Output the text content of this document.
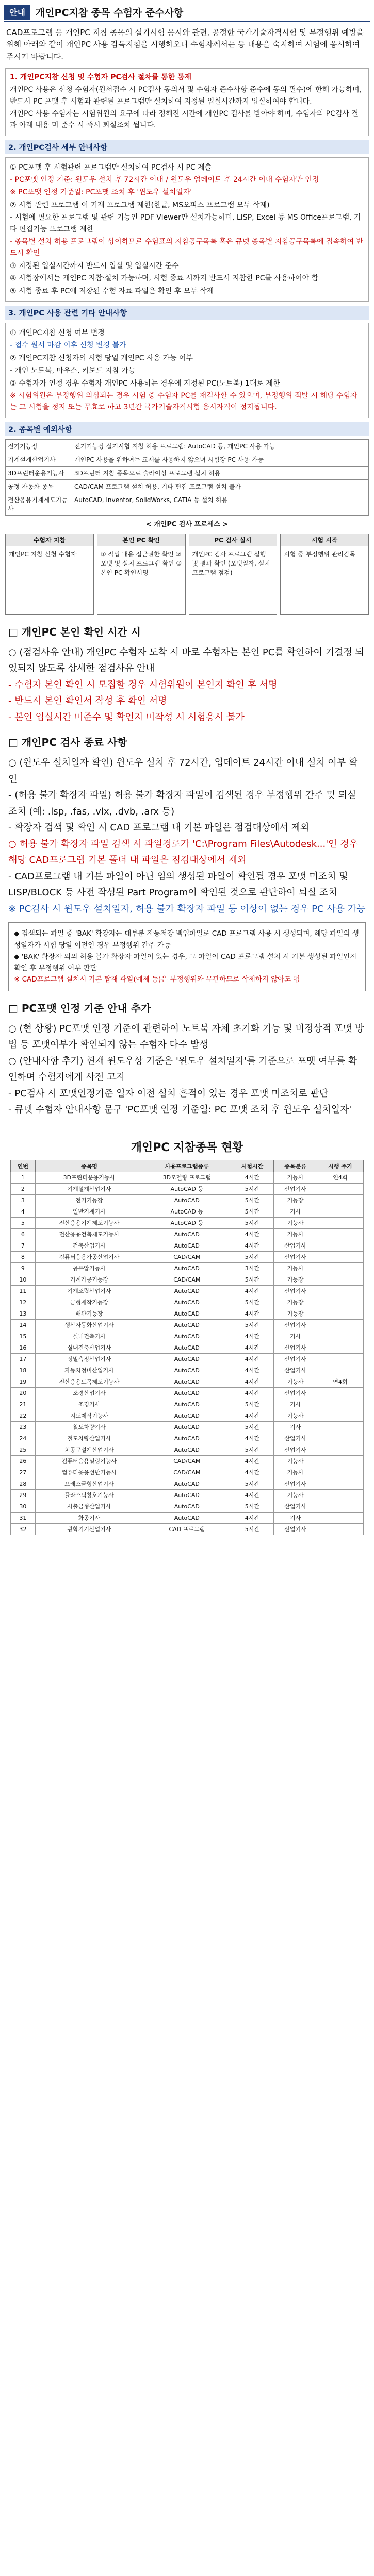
안내	개인PC지참 종목 수험자 준수사항
CAD프로그램 등 개인PC 지참 종목의 실기시험 응시와 관련, 공정한 국가기술자격시험 및 부정행위 예방을 위해 아래와 같이 개인PC 사용 감독지침을 시행하오니 수험자께서는 등 내용을 숙지하여 시험에 응시하여 주시기 바랍니다.
1. 개인PC지참 신청 및 수험자 PC검사 절차를 통한 통제
개인PC 사용은 신청 수험자(원서접수 시 PC검사 동의서 및 수험자 준수사항 준수에 동의 필수)에 한해 가능하며, 반드시 PC 포맷 후 시험과 관련된 프로그램만 설치하여 지정된 입실시간까지 입실하여야 합니다.
개인PC 사용 수험자는 시험위원의 요구에 따라 정해진 시간에 개인PC 검사를 받아야 하며, 수험자의 PC검사 결과 아래 내용 미 준수 시 즉시 퇴실조치 됩니다.
2. 개인PC검사 세부 안내사항
① PC포맷 후 시험관련 프로그램만 설치하여 PC검사 시 PC 제출
- PC포맷 인정 기준: 윈도우 설치 후 72시간 이내 / 윈도우 업데이트 후 24시간 이내 수험자만 인정
※ PC포맷 인정 기준일: PC포맷 조치 후 '윈도우 설치일자'
② 시험 관련 프로그램 이 기재 프로그램 제한(한글, MS오피스 프로그램 모두 삭제)
- 시험에 필요한 프로그램 및 관련 기능인 PDF Viewer만 설치가능하며, LISP, Excel 등 MS Office프로그램, 기타 편집기능 프로그램 제한
- 종목별 설치 허용 프로그램이 상이하므로 수험표의 지참공구목록 혹은 큐넷 종목별 지참공구목록에 접속하여 반드시 확인
③ 지정된 입실시간까지 반드시 입실 및 입실시간 준수
④ 시험장에서는 개인PC 지참·설치 가능하며, 시험 종료 시까지 반드시 지참한 PC를 사용하여야 함
⑤ 시험 종료 후 PC에 저장된 수험 자료 파일은 확인 후 모두 삭제
3. 개인PC 사용 관련 기타 안내사항
① 개인PC지참 신청 여부 변경
- 접수 원서 마감 이후 신청 변경 불가
② 개인PC지참 신청자의 시험 당일 개인PC 사용 가능 여부
- 개인 노트북, 마우스, 키보드 지참 가능
③ 수험자가 인정 경우 수험자 개인PC 사용하는 경우에 지정된 PC(노트북) 1대로 제한
※ 시험위원은 부정행위 의심되는 경우 시험 중 수험자 PC를 재검사할 수 있으며, 부정행위 적발 시 해당 수험자는 그 시험을 정지 또는 무효로 하고 3년간 국가기술자격시험 응시자격이 정지됩니다.
2. 종목별 예외사항
전기기능장	전기기능장 실기시험 지참 허용 프로그램: AutoCAD 등, 개인PC 사용 가능
기계설계산업기사	개인PC 사용을 위하여는 교재를 사용하지 않으며 시험장 PC 사용 가능
3D프린터운용기능사	3D프린터 지참 종목으로 슬라이싱 프로그램 설치 허용
공정 자동화 종목	CAD/CAM 프로그램 설치 허용, 기타 편집 프로그램 설치 불가
전산응용기계제도기능사	AutoCAD, Inventor, SolidWorks, CATIA 등 설치 허용
< 개인PC 검사 프로세스 >
수험자 지참
개인PC 지참 신청 수험자
본인 PC 확인
① 작업 내용 접근권한 확인 ② 포맷 및 설치 프로그램 확인 ③ 본인 PC 확인서명
PC 검사 실시
개인PC 검사 프로그램 실행 및 결과 확인 (포맷일자, 설치 프로그램 점검)
시험 시작
시험 중 부정행위 관리감독
□ 개인PC 본인 확인 시간 시
○ (점검사유 안내) 개인PC 수험자 도착 시 바로 수험자는 본인 PC를 확인하여 기결정 되었되지 않도록 상세한 점검사유 안내
- 수험자 본인 확인 시 모집할 경우 시험위원이 본인지 확인 후 서명
- 반드시 본인 확인서 작성 후 확인 서명
- 본인 입실시간 미준수 및 확인지 미작성 시 시험응시 불가
□ 개인PC 검사 종료 사항
○ (윈도우 설치일자 확인) 윈도우 설치 후 72시간, 업데이트 24시간 이내 설치 여부 확인
- (허용 불가 확장자 파일) 허용 불가 확장자 파일이 검색된 경우 부정행위 간주 및 퇴실 조치 (예: .lsp, .fas, .vlx, .dvb, .arx 등)
- 확장자 검색 및 확인 시 CAD 프로그램 내 기본 파일은 점검대상에서 제외
○ 허용 불가 확장자 파일 검색 시 파일경로가 'C:\Program Files\Autodesk...'인 경우 해당 CAD프로그램 기본 폴더 내 파일은 점검대상에서 제외
- CAD프로그램 내 기본 파일이 아닌 임의 생성된 파일이 확인될 경우 포맷 미조치 및 LISP/BLOCK 등 사전 작성된 Part Program이 확인된 것으로 판단하여 퇴실 조치
※ PC검사 시 윈도우 설치일자, 허용 불가 확장자 파일 등 이상이 없는 경우 PC 사용 가능
◆ 검색되는 파일 중 'BAK' 확장자는 대부분 자동저장 백업파일로 CAD 프로그램 사용 시 생성되며, 해당 파일의 생성일자가 시험 당일 이전인 경우 부정행위 간주 가능
◆ 'BAK' 확장자 외의 허용 불가 확장자 파일이 있는 경우, 그 파일이 CAD 프로그램 설치 시 기본 생성된 파일인지 확인 후 부정행위 여부 판단
※ CAD프로그램 실치시 기본 탑재 파일(예제 등)은 부정행위와 무관하므로 삭제하지 않아도 됨
□ PC포맷 인정 기준 안내 추가
○ (현 상황) PC포맷 인정 기준에 관련하여 노트북 자체 초기화 기능 및 비정상적 포맷 방법 등 포맷여부가 확인되지 않는 수험자 다수 발생
○ (안내사항 추가) 현재 윈도우상 기준은 '윈도우 설치일자'를 기준으로 포맷 여부를 확인하며 수험자에게 사전 고지
- PC검사 시 포맷인정기준 일자 이전 설치 흔적이 있는 경우 포맷 미조치로 판단
- 큐넷 수험자 안내사항 문구 'PC포맷 인정 기준일: PC 포맷 조치 후 윈도우 설치일자'
개인PC 지참종목 현황
연번	종목명	사용프로그램종류	시험시간	종목분류	시행 주기
1	3D프린터운용기능사	3D모델링 프로그램	4시간	기능사	연4회
2	기계설계산업기사	AutoCAD 등	5시간	산업기사	
3	전기기능장	AutoCAD	5시간	기능장	
4	일반기계기사	AutoCAD 등	5시간	기사	
5	전산응용기계제도기능사	AutoCAD 등	5시간	기능사	
6	전산응용건축제도기능사	AutoCAD	4시간	기능사	
7	건축산업기사	AutoCAD	4시간	산업기사	
8	컴퓨터응용가공산업기사	CAD/CAM	5시간	산업기사	
9	공유압기능사	AutoCAD	3시간	기능사	
10	기계가공기능장	CAD/CAM	5시간	기능장	
11	기계조립산업기사	AutoCAD	4시간	산업기사	
12	금형제작기능장	AutoCAD	5시간	기능장	
13	배관기능장	AutoCAD	4시간	기능장	
14	생산자동화산업기사	AutoCAD	5시간	산업기사	
15	실내건축기사	AutoCAD	4시간	기사	
16	실내건축산업기사	AutoCAD	4시간	산업기사	
17	정밀측정산업기사	AutoCAD	4시간	산업기사	
18	자동차정비산업기사	AutoCAD	4시간	산업기사	
19	전산응용토목제도기능사	AutoCAD	4시간	기능사	연4회
20	조경산업기사	AutoCAD	4시간	산업기사	
21	조경기사	AutoCAD	5시간	기사	
22	지도제작기능사	AutoCAD	4시간	기능사	
23	철도차량기사	AutoCAD	5시간	기사	
24	철도차량산업기사	AutoCAD	4시간	산업기사	
25	치공구설계산업기사	AutoCAD	5시간	산업기사	
26	컴퓨터응용밀링기능사	CAD/CAM	4시간	기능사	
27	컴퓨터응용선반기능사	CAD/CAM	4시간	기능사	
28	프레스금형산업기사	AutoCAD	5시간	산업기사	
29	플라스틱창호기능사	AutoCAD	4시간	기능사	
30	사출금형산업기사	AutoCAD	5시간	산업기사	
31	화공기사	AutoCAD	4시간	기사	
32	광학기기산업기사	CAD 프로그램	5시간	산업기사	
